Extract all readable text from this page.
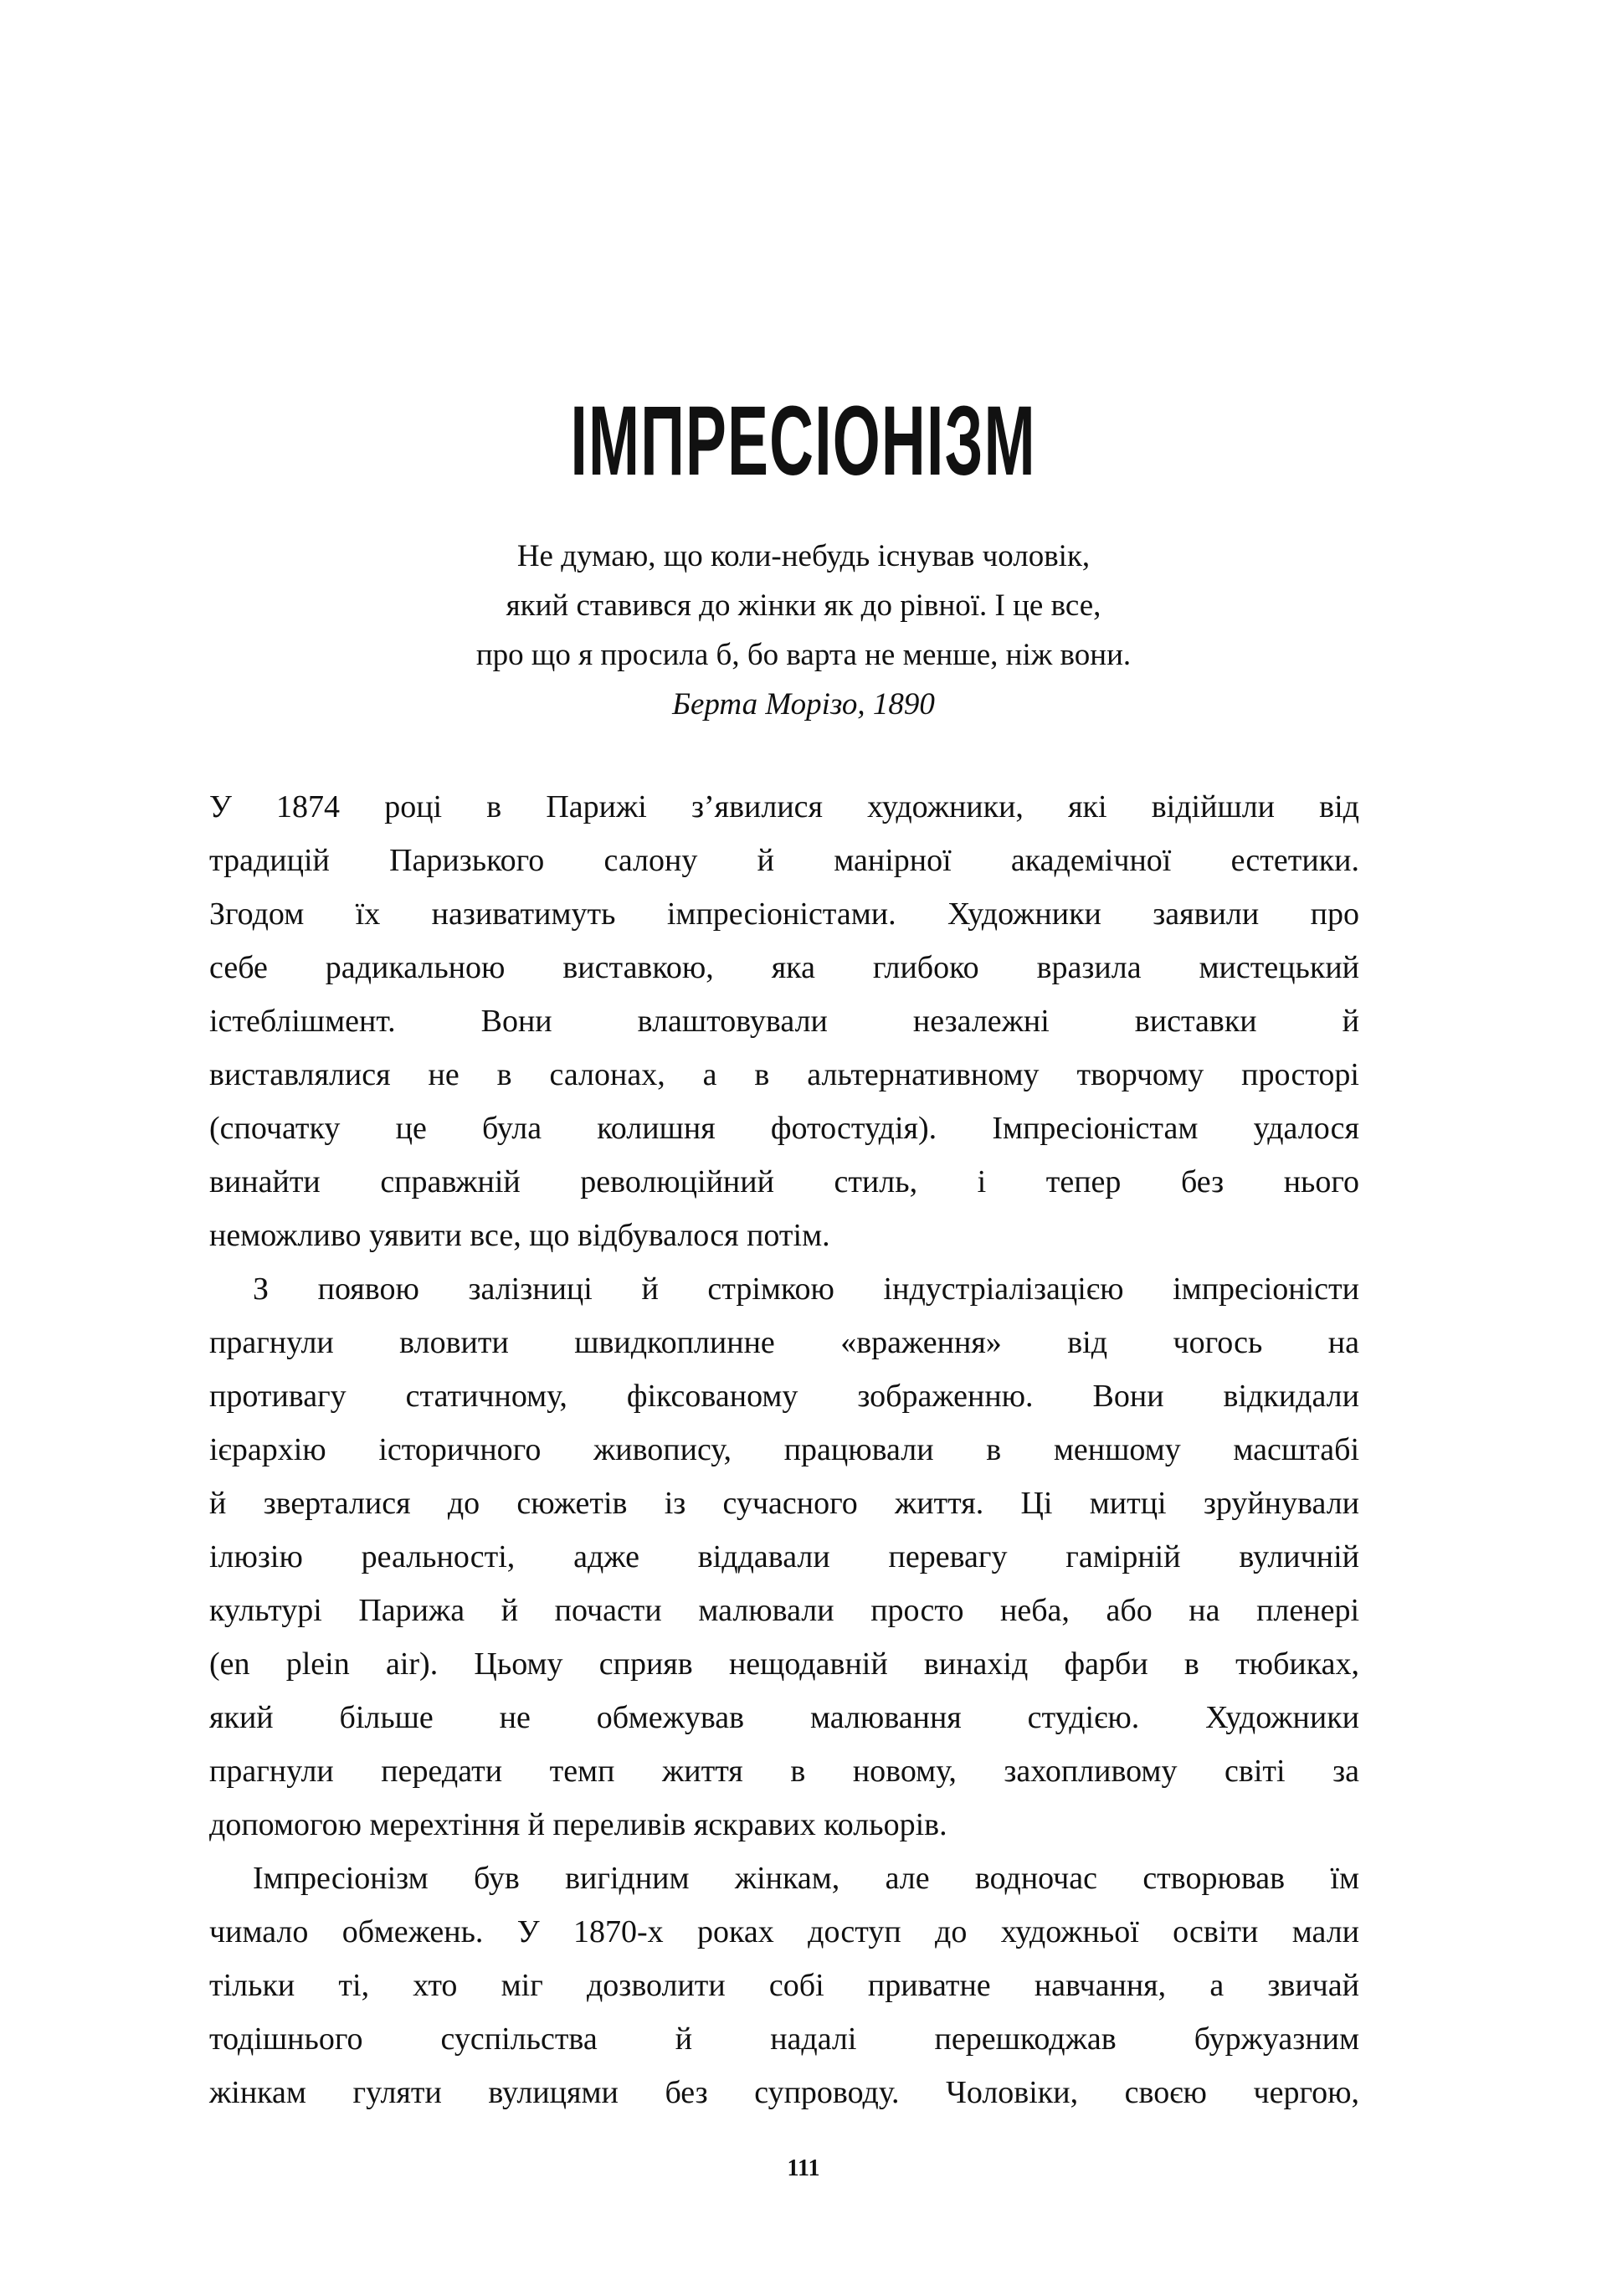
ІМПРЕСІОНІЗМ
Не думаю, що коли-небудь існував чоловік,
який ставився до жінки як до рівної. І це все,
про що я просила б, бо варта не менше, ніж вони.
Берта Морізо, 1890
У 1874 році в Парижі з’явилися художники, які відійшли від
традицій Паризького салону й манірної академічної естетики.
Згодом їх називатимуть імпресіоністами. Художники заявили про
себе радикальною виставкою, яка глибоко вразила мистецький
істеблішмент. Вони влаштовували незалежні виставки й
виставлялися не в салонах, а в альтернативному творчому просторі
(спочатку це була колишня фотостудія). Імпресіоністам удалося
винайти справжній революційний стиль, і тепер без нього
неможливо уявити все, що відбувалося потім.
З появою залізниці й стрімкою індустріалізацією імпресіоністи
прагнули вловити швидкоплинне «враження» від чогось на
противагу статичному, фіксованому зображенню. Вони відкидали
ієрархію історичного живопису, працювали в меншому масштабі
й зверталися до сюжетів із сучасного життя. Ці митці зруйнували
ілюзію реальності, адже віддавали перевагу гамірній вуличній
культурі Парижа й почасти малювали просто неба, або на пленері
(en plein air). Цьому сприяв нещодавній винахід фарби в тюбиках,
який більше не обмежував малювання студією. Художники
прагнули передати темп життя в новому, захопливому світі за
допомогою мерехтіння й переливів яскравих кольорів.
Імпресіонізм був вигідним жінкам, але водночас створював їм
чимало обмежень. У 1870-х роках доступ до художньої освіти мали
тільки ті, хто міг дозволити собі приватне навчання, а звичай
тодішнього суспільства й надалі перешкоджав буржуазним
жінкам гуляти вулицями без супроводу. Чоловіки, своєю чергою,
111
